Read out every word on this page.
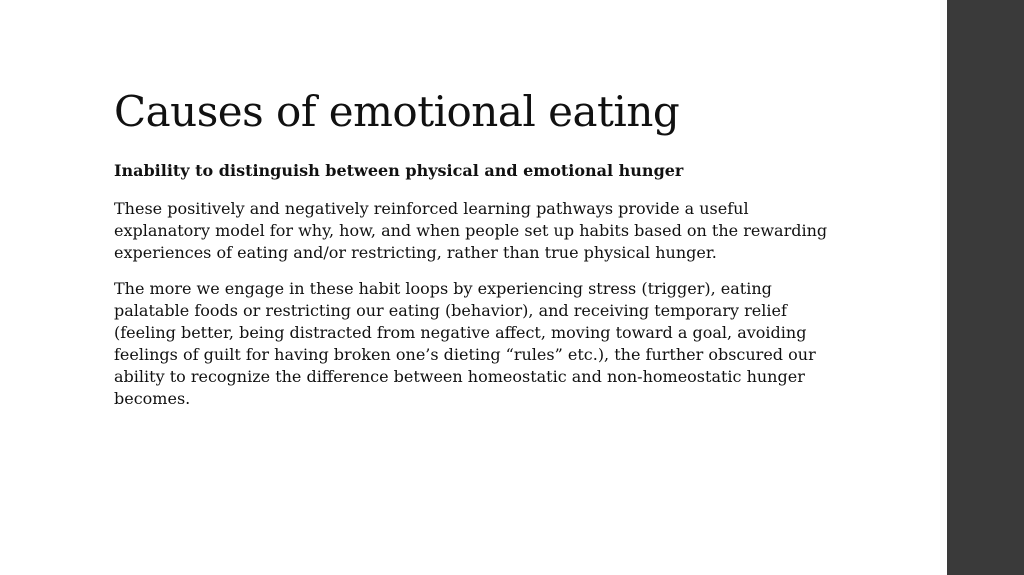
Causes of emotional eating

Inability to distinguish between physical and emotional hunger

These positively and negatively reinforced learning pathways provide a useful explanatory model for why, how, and when people set up habits based on the rewarding experiences of eating and/or restricting, rather than true physical hunger.

The more we engage in these habit loops by experiencing stress (trigger), eating palatable foods or restricting our eating (behavior), and receiving temporary relief (feeling better, being distracted from negative affect, moving toward a goal, avoiding feelings of guilt for having broken one’s dieting “rules” etc.), the further obscured our ability to recognize the difference between homeostatic and non-homeostatic hunger becomes.
